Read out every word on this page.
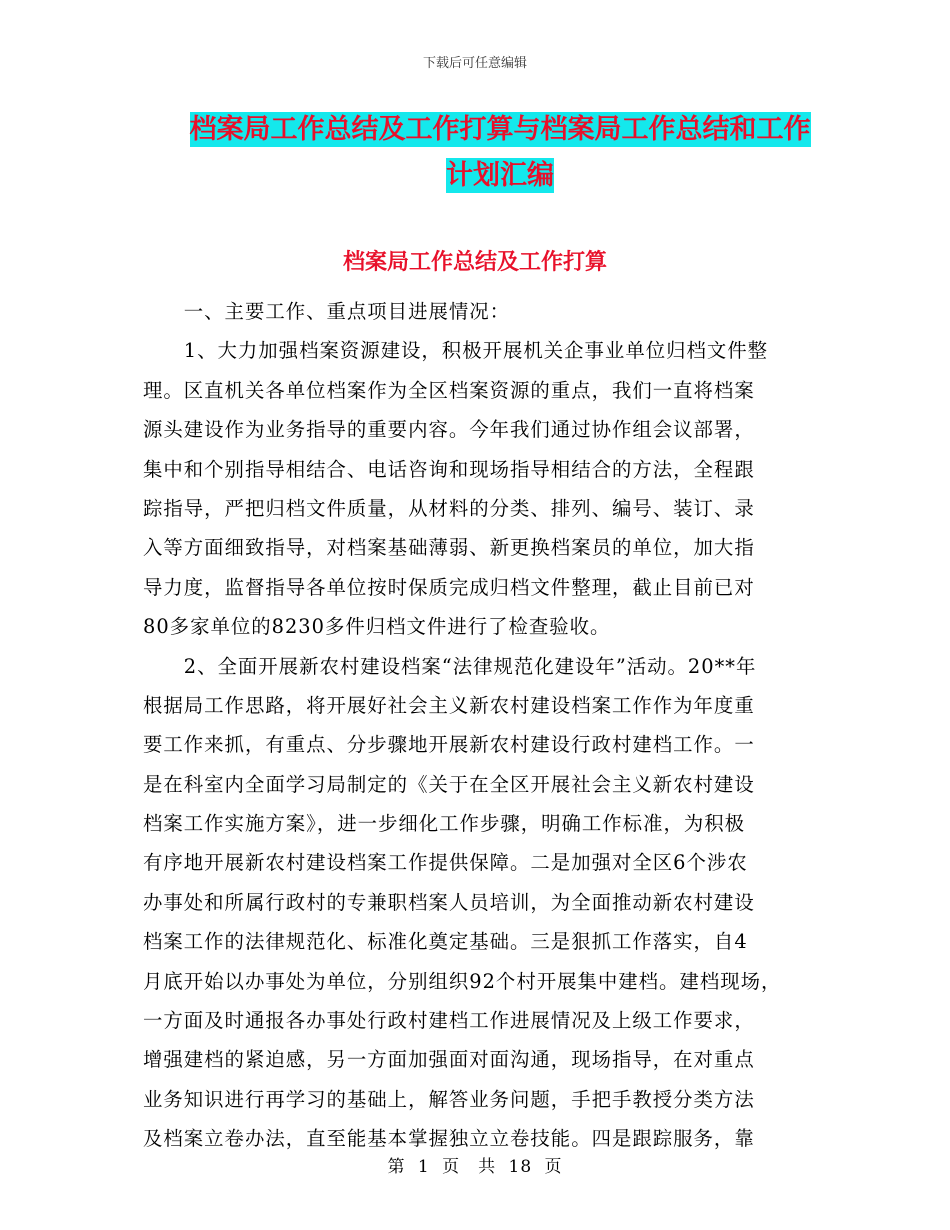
下载后可任意编辑
档案局工作总结及工作打算与档案局工作总结和工作
计划汇编
档案局工作总结及工作打算
　　一、主要工作、重点项目进展情况：
　　1、大力加强档案资源建设，积极开展机关企事业单位归档文件整
理。区直机关各单位档案作为全区档案资源的重点，我们一直将档案
源头建设作为业务指导的重要内容。今年我们通过协作组会议部署，
集中和个别指导相结合、电话咨询和现场指导相结合的方法，全程跟
踪指导，严把归档文件质量，从材料的分类、排列、编号、装订、录
入等方面细致指导，对档案基础薄弱、新更换档案员的单位，加大指
导力度，监督指导各单位按时保质完成归档文件整理，截止目前已对
80多家单位的8230多件归档文件进行了检查验收。
　　2、全面开展新农村建设档案“法律规范化建设年”活动。20**年
根据局工作思路，将开展好社会主义新农村建设档案工作作为年度重
要工作来抓，有重点、分步骤地开展新农村建设行政村建档工作。一
是在科室内全面学习局制定的《关于在全区开展社会主义新农村建设
档案工作实施方案》，进一步细化工作步骤，明确工作标准，为积极
有序地开展新农村建设档案工作提供保障。二是加强对全区6个涉农
办事处和所属行政村的专兼职档案人员培训，为全面推动新农村建设
档案工作的法律规范化、标准化奠定基础。三是狠抓工作落实，自4
月底开始以办事处为单位，分别组织92个村开展集中建档。建档现场，
一方面及时通报各办事处行政村建档工作进展情况及上级工作要求，
增强建档的紧迫感，另一方面加强面对面沟通，现场指导，在对重点
业务知识进行再学习的基础上，解答业务问题，手把手教授分类方法
及档案立卷办法，直至能基本掌握独立立卷技能。四是跟踪服务，靠
第 1 页　共 18 页
